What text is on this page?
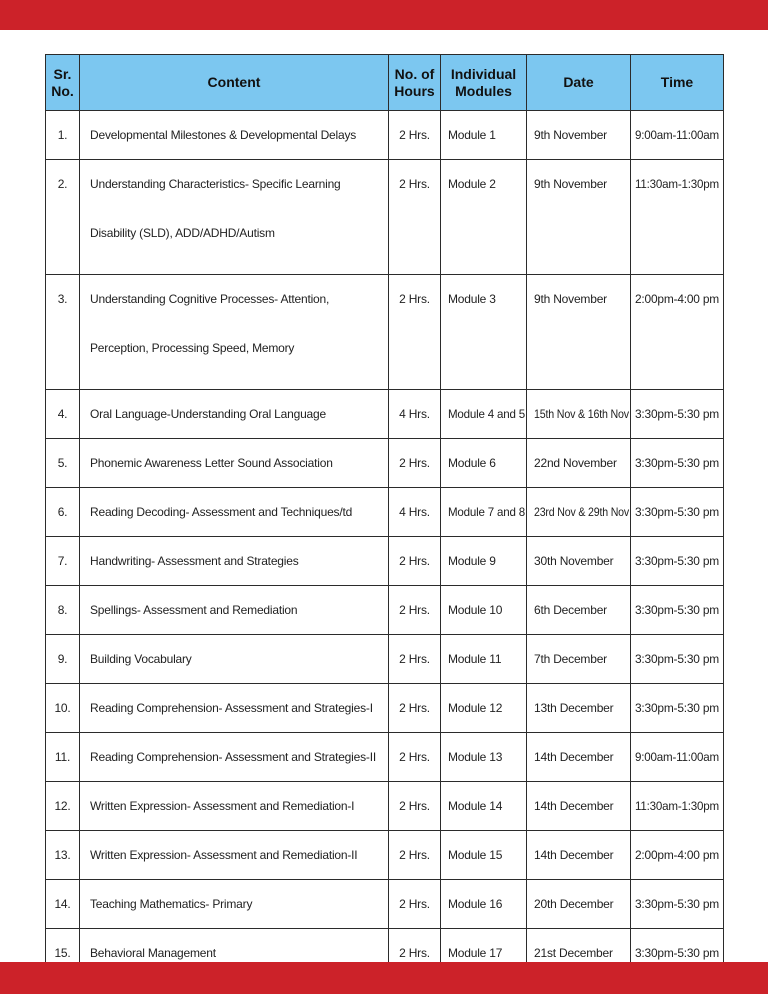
Sr. No.	Content	No. of Hours	Individual Modules	Date	Time
1.	Developmental Milestones & Developmental Delays	2 Hrs.	Module 1	9th November	9:00am-11:00am
2.	Understanding Characteristics- Specific Learning Disability (SLD), ADD/ADHD/Autism	2 Hrs.	Module 2	9th November	11:30am-1:30pm
3.	Understanding Cognitive Processes- Attention, Perception, Processing Speed, Memory	2 Hrs.	Module 3	9th November	2:00pm-4:00 pm
4.	Oral Language-Understanding Oral Language	4 Hrs.	Module 4 and 5	15th Nov & 16th Nov	3:30pm-5:30 pm
5.	Phonemic Awareness Letter Sound Association	2 Hrs.	Module 6	22nd November	3:30pm-5:30 pm
6.	Reading Decoding- Assessment and Techniques/td	4 Hrs.	Module 7 and 8	23rd Nov & 29th Nov	3:30pm-5:30 pm
7.	Handwriting- Assessment and Strategies	2 Hrs.	Module 9	30th November	3:30pm-5:30 pm
8.	Spellings- Assessment and Remediation	2 Hrs.	Module 10	6th December	3:30pm-5:30 pm
9.	Building Vocabulary	2 Hrs.	Module 11	7th December	3:30pm-5:30 pm
10.	Reading Comprehension- Assessment and Strategies-I	2 Hrs.	Module 12	13th December	3:30pm-5:30 pm
11.	Reading Comprehension- Assessment and Strategies-II	2 Hrs.	Module 13	14th December	9:00am-11:00am
12.	Written Expression- Assessment and Remediation-I	2 Hrs.	Module 14	14th December	11:30am-1:30pm
13.	Written Expression- Assessment and Remediation-II	2 Hrs.	Module 15	14th December	2:00pm-4:00 pm
14.	Teaching Mathematics- Primary	2 Hrs.	Module 16	20th December	3:30pm-5:30 pm
15.	Behavioral Management	2 Hrs.	Module 17	21st December	3:30pm-5:30 pm
